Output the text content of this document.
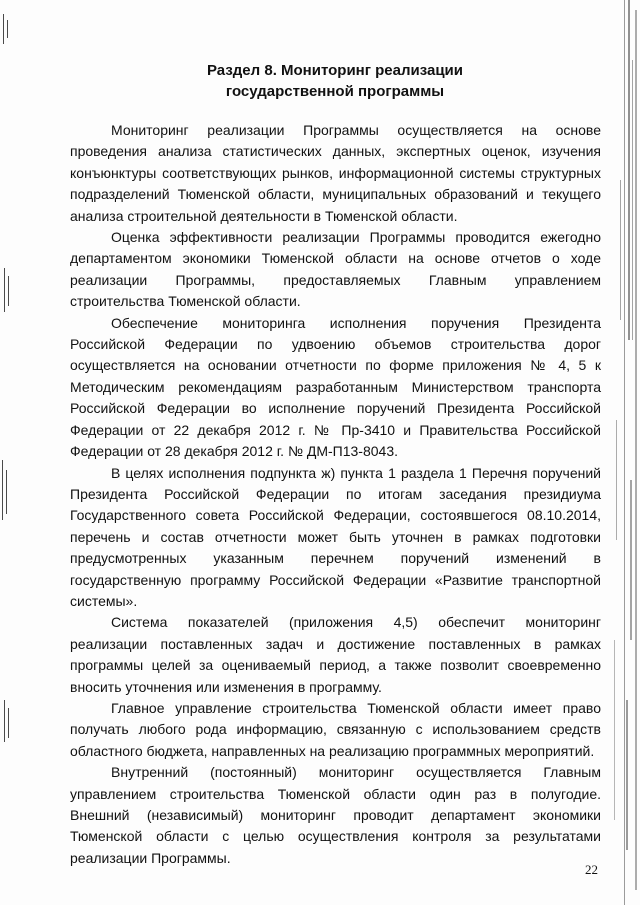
Раздел 8. Мониторинг реализации
государственной программы

Мониторинг реализации Программы осуществляется на основе
проведения анализа статистических данных, экспертных оценок, изучения
конъюнктуры соответствующих рынков, информационной системы структурных
подразделений Тюменской области, муниципальных образований и текущего
анализа строительной деятельности в Тюменской области.

Оценка эффективности реализации Программы проводится ежегодно
департаментом экономики Тюменской области на основе отчетов о ходе
реализации Программы, предоставляемых Главным управлением
строительства Тюменской области.

Обеспечение мониторинга исполнения поручения Президента
Российской Федерации по удвоению объемов строительства дорог
осуществляется на основании отчетности по форме приложения № 4, 5 к
Методическим рекомендациям разработанным Министерством транспорта
Российской Федерации во исполнение поручений Президента Российской
Федерации от 22 декабря 2012 г. № Пр-3410 и Правительства Российской
Федерации от 28 декабря 2012 г. № ДМ-П13-8043.

В целях исполнения подпункта ж) пункта 1 раздела 1 Перечня поручений
Президента Российской Федерации по итогам заседания президиума
Государственного совета Российской Федерации, состоявшегося 08.10.2014,
перечень и состав отчетности может быть уточнен в рамках подготовки
предусмотренных указанным перечнем поручений изменений в
государственную программу Российской Федерации «Развитие транспортной
системы».

Система показателей (приложения 4,5) обеспечит мониторинг
реализации поставленных задач и достижение поставленных в рамках
программы целей за оцениваемый период, а также позволит своевременно
вносить уточнения или изменения в программу.

Главное управление строительства Тюменской области имеет право
получать любого рода информацию, связанную с использованием средств
областного бюджета, направленных на реализацию программных мероприятий.

Внутренний (постоянный) мониторинг осуществляется Главным
управлением строительства Тюменской области один раз в полугодие.
Внешний (независимый) мониторинг проводит департамент экономики
Тюменской области с целью осуществления контроля за результатами
реализации Программы.

22
